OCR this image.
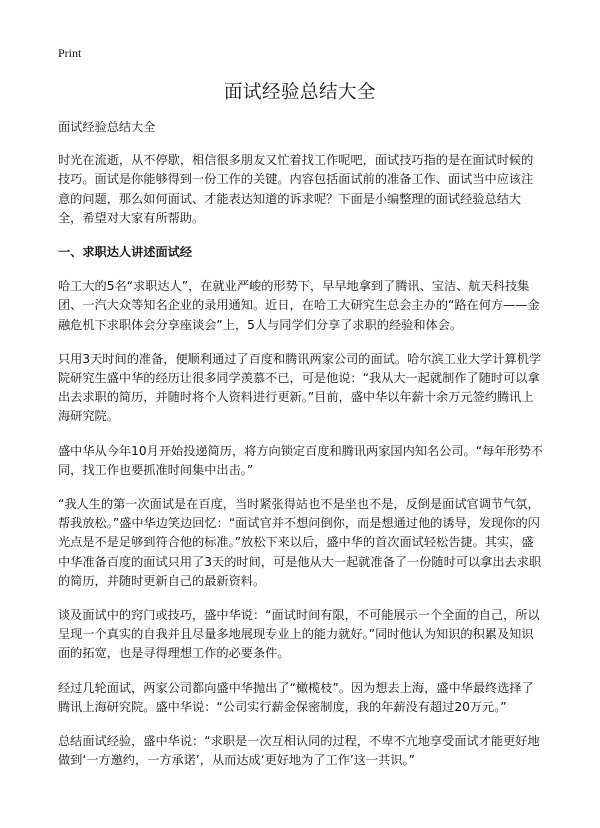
Print
面试经验总结大全

面试经验总结大全

时光在流逝，从不停歇，相信很多朋友又忙着找工作呢吧，面试技巧指的是在面试时候的技巧。面试是你能够得到一份工作的关键。内容包括面试前的准备工作、面试当中应该注意的问题，那么如何面试、才能表达知道的诉求呢？下面是小编整理的面试经验总结大全，希望对大家有所帮助。

一、求职达人讲述面试经

哈工大的5名“求职达人”，在就业严峻的形势下，早早地拿到了腾讯、宝洁、航天科技集团、一汽大众等知名企业的录用通知。近日，在哈工大研究生总会主办的“路在何方——金融危机下求职体会分享座谈会”上，5人与同学们分享了求职的经验和体会。

只用3天时间的准备，便顺利通过了百度和腾讯两家公司的面试。哈尔滨工业大学计算机学院研究生盛中华的经历让很多同学羡慕不已，可是他说：“我从大一起就制作了随时可以拿出去求职的简历，并随时将个人资料进行更新。”目前，盛中华以年薪十余万元签约腾讯上海研究院。

盛中华从今年10月开始投递简历，将方向锁定百度和腾讯两家国内知名公司。“每年形势不同，找工作也要抓准时间集中出击。”

“我人生的第一次面试是在百度，当时紧张得站也不是坐也不是，反倒是面试官调节气氛，帮我放松。”盛中华边笑边回忆：“面试官并不想问倒你，而是想通过他的诱导，发现你的闪光点是不是足够到符合他的标准。”放松下来以后，盛中华的首次面试轻松告捷。其实，盛中华准备百度的面试只用了3天的时间，可是他从大一起就准备了一份随时可以拿出去求职的简历，并随时更新自己的最新资料。

谈及面试中的窍门或技巧，盛中华说：“面试时间有限，不可能展示一个全面的自己，所以呈现一个真实的自我并且尽量多地展现专业上的能力就好。”同时他认为知识的积累及知识面的拓宽，也是寻得理想工作的必要条件。

经过几轮面试，两家公司都向盛中华抛出了“橄榄枝”。因为想去上海，盛中华最终选择了腾讯上海研究院。盛中华说：“公司实行薪金保密制度，我的年薪没有超过20万元。”

总结面试经验，盛中华说：“求职是一次互相认同的过程，不卑不亢地享受面试才能更好地做到‘一方邀约，一方承诺’，从而达成‘更好地为了工作’这一共识。”
